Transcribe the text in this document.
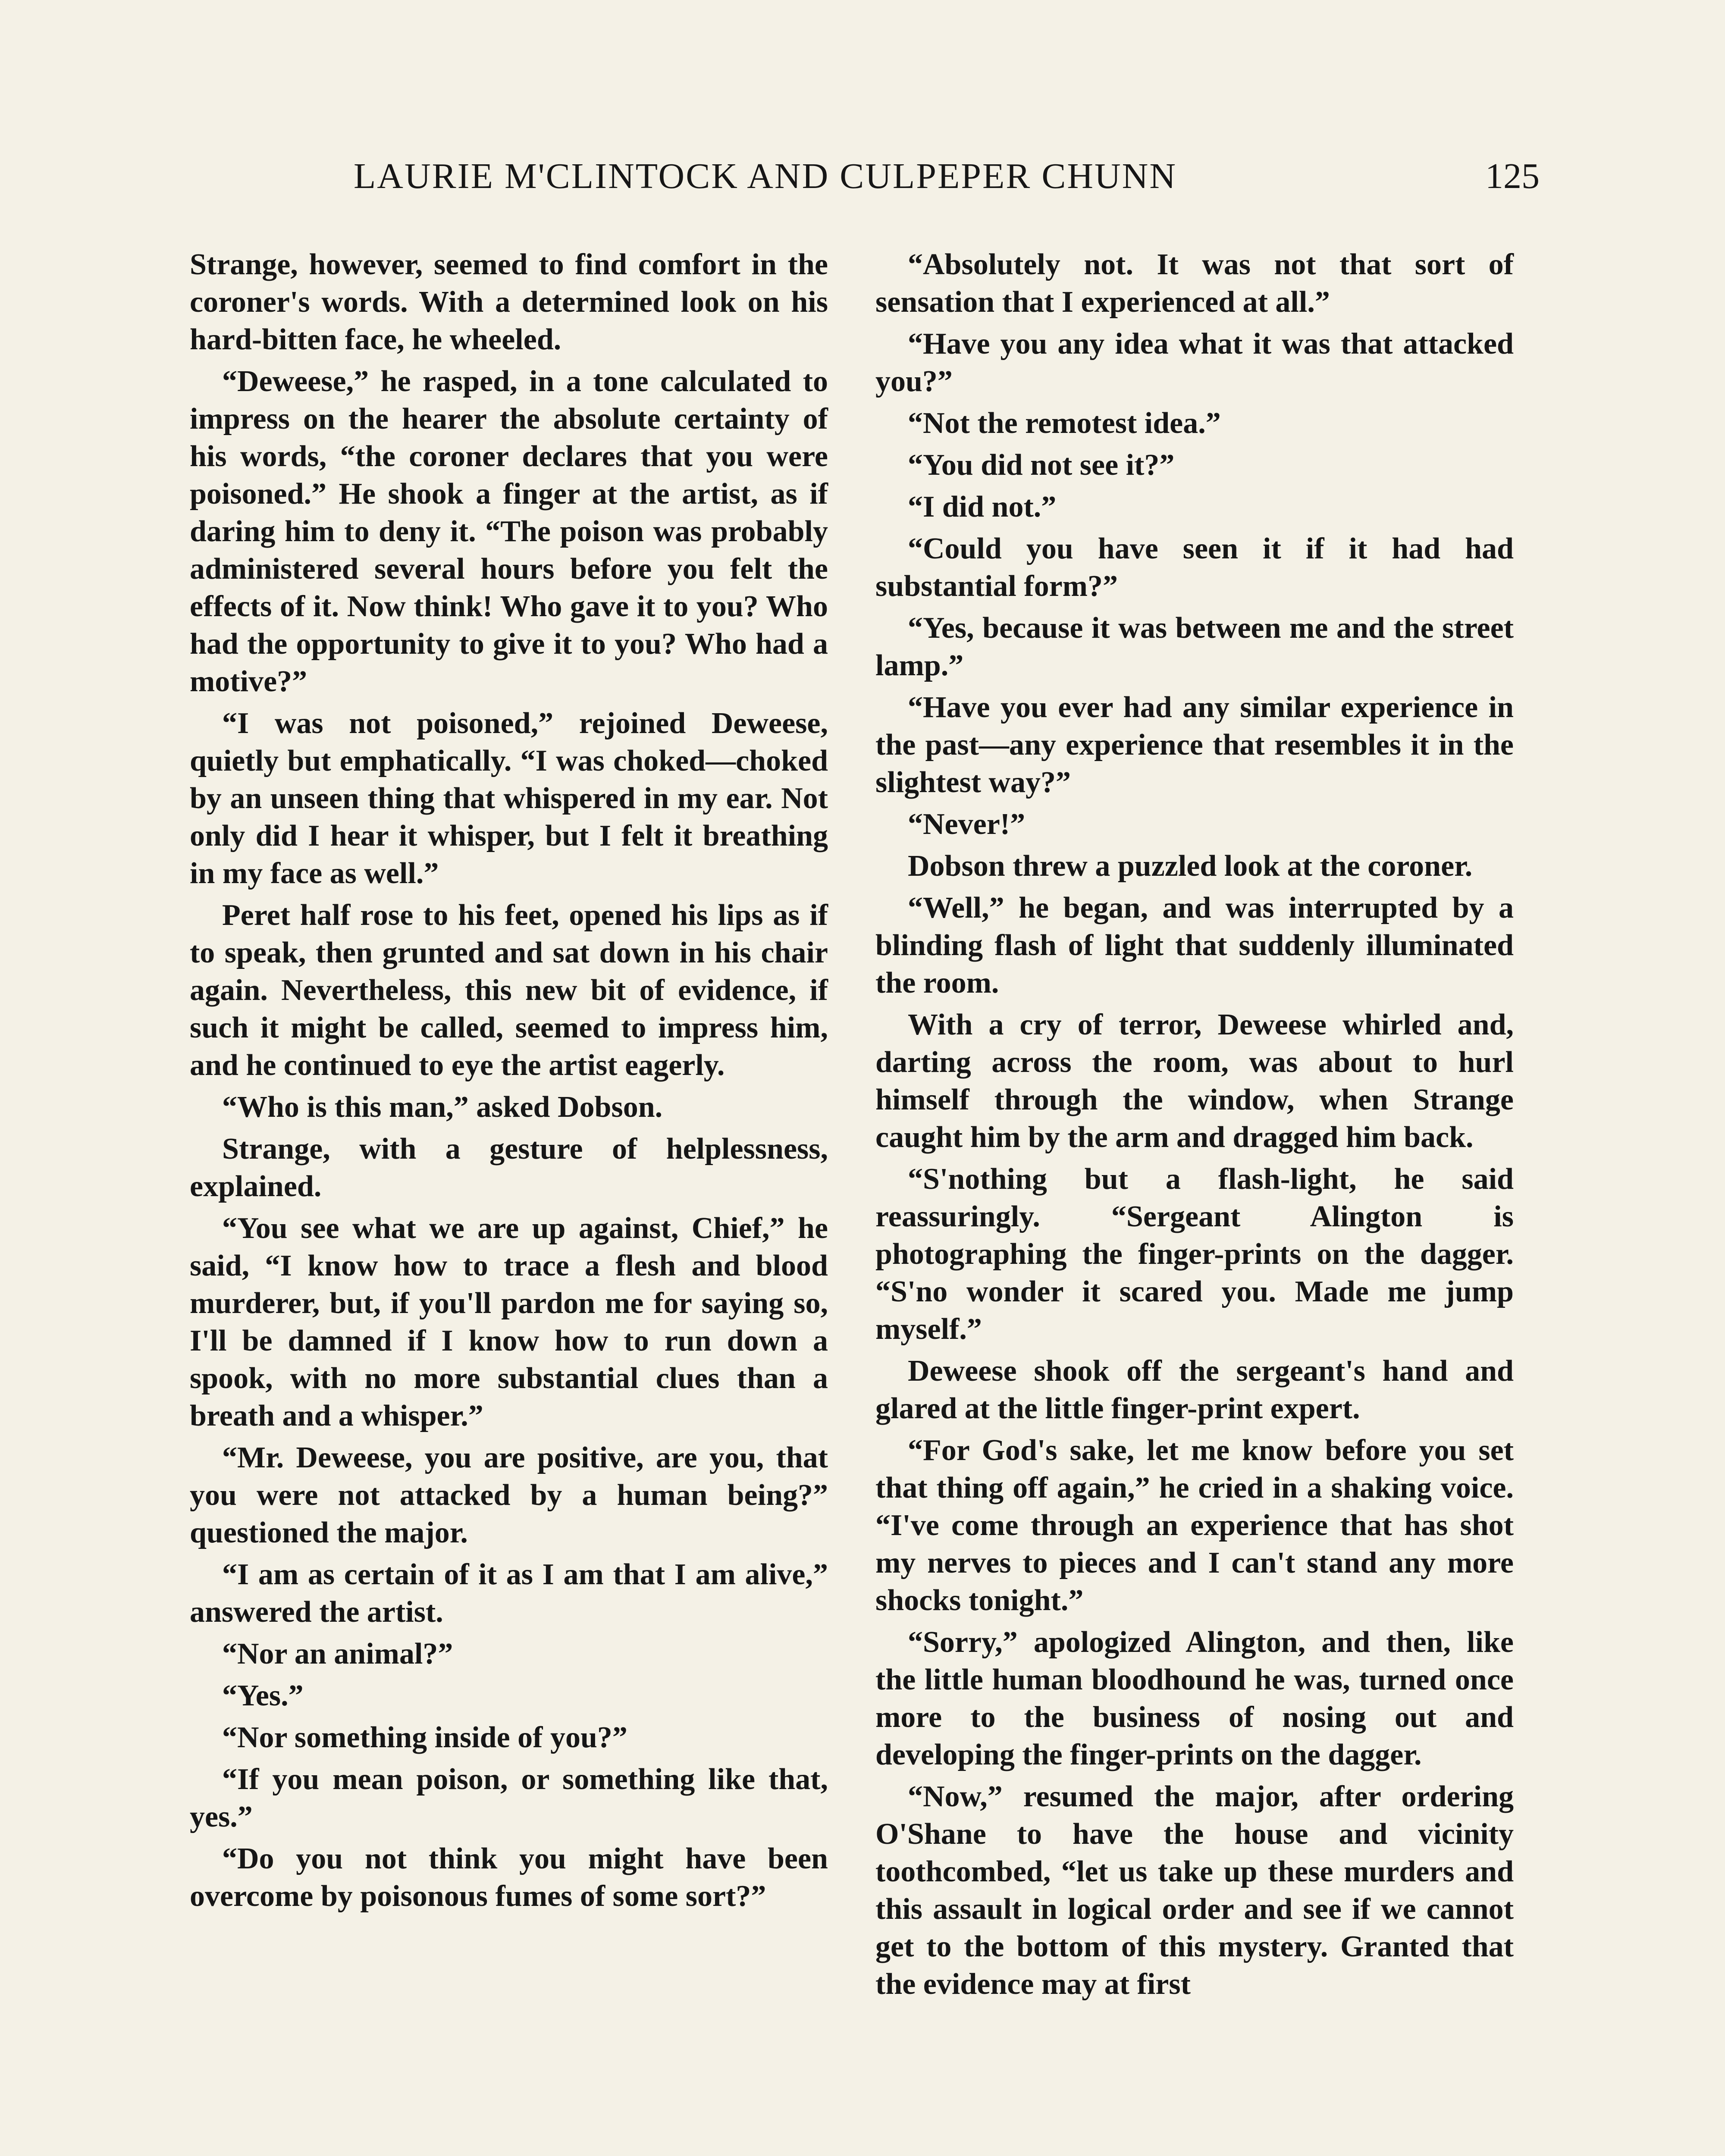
LAURIE M'CLINTOCK AND CULPEPER CHUNN	125

Strange, however, seemed to find comfort in the coroner's words. With a determined look on his hard-bitten face, he wheeled.

“Deweese,” he rasped, in a tone calculated to impress on the hearer the absolute certainty of his words, “the coroner declares that you were poisoned.” He shook a finger at the artist, as if daring him to deny it. “The poison was probably administered several hours before you felt the effects of it. Now think! Who gave it to you? Who had the opportunity to give it to you? Who had a motive?”

“I was not poisoned,” rejoined Deweese, quietly but emphatically. “I was choked—choked by an unseen thing that whispered in my ear. Not only did I hear it whisper, but I felt it breathing in my face as well.”

Peret half rose to his feet, opened his lips as if to speak, then grunted and sat down in his chair again. Nevertheless, this new bit of evidence, if such it might be called, seemed to impress him, and he continued to eye the artist eagerly.

“Who is this man,” asked Dobson.

Strange, with a gesture of helplessness, explained.

“You see what we are up against, Chief,” he said, “I know how to trace a flesh and blood murderer, but, if you'll pardon me for saying so, I'll be damned if I know how to run down a spook, with no more substantial clues than a breath and a whisper.”

“Mr. Deweese, you are positive, are you, that you were not attacked by a human being?” questioned the major.

“I am as certain of it as I am that I am alive,” answered the artist.

“Nor an animal?”

“Yes.”

“Nor something inside of you?”

“If you mean poison, or something like that, yes.”

“Do you not think you might have been overcome by poisonous fumes of some sort?”

“Absolutely not. It was not that sort of sensation that I experienced at all.”

“Have you any idea what it was that attacked you?”

“Not the remotest idea.”

“You did not see it?”

“I did not.”

“Could you have seen it if it had had substantial form?”

“Yes, because it was between me and the street lamp.”

“Have you ever had any similar experience in the past—any experience that resembles it in the slightest way?”

“Never!”

Dobson threw a puzzled look at the coroner.

“Well,” he began, and was interrupted by a blinding flash of light that suddenly illuminated the room.

With a cry of terror, Deweese whirled and, darting across the room, was about to hurl himself through the window, when Strange caught him by the arm and dragged him back.

“S'nothing but a flash-light, he said reassuringly. “Sergeant Alington is photographing the finger-prints on the dagger. “S'no wonder it scared you. Made me jump myself.”

Deweese shook off the sergeant's hand and glared at the little finger-print expert.

“For God's sake, let me know before you set that thing off again,” he cried in a shaking voice. “I've come through an experience that has shot my nerves to pieces and I can't stand any more shocks tonight.”

“Sorry,” apologized Alington, and then, like the little human bloodhound he was, turned once more to the business of nosing out and developing the finger-prints on the dagger.

“Now,” resumed the major, after ordering O'Shane to have the house and vicinity toothcombed, “let us take up these murders and this assault in logical order and see if we cannot get to the bottom of this mystery. Granted that the evidence may at first
